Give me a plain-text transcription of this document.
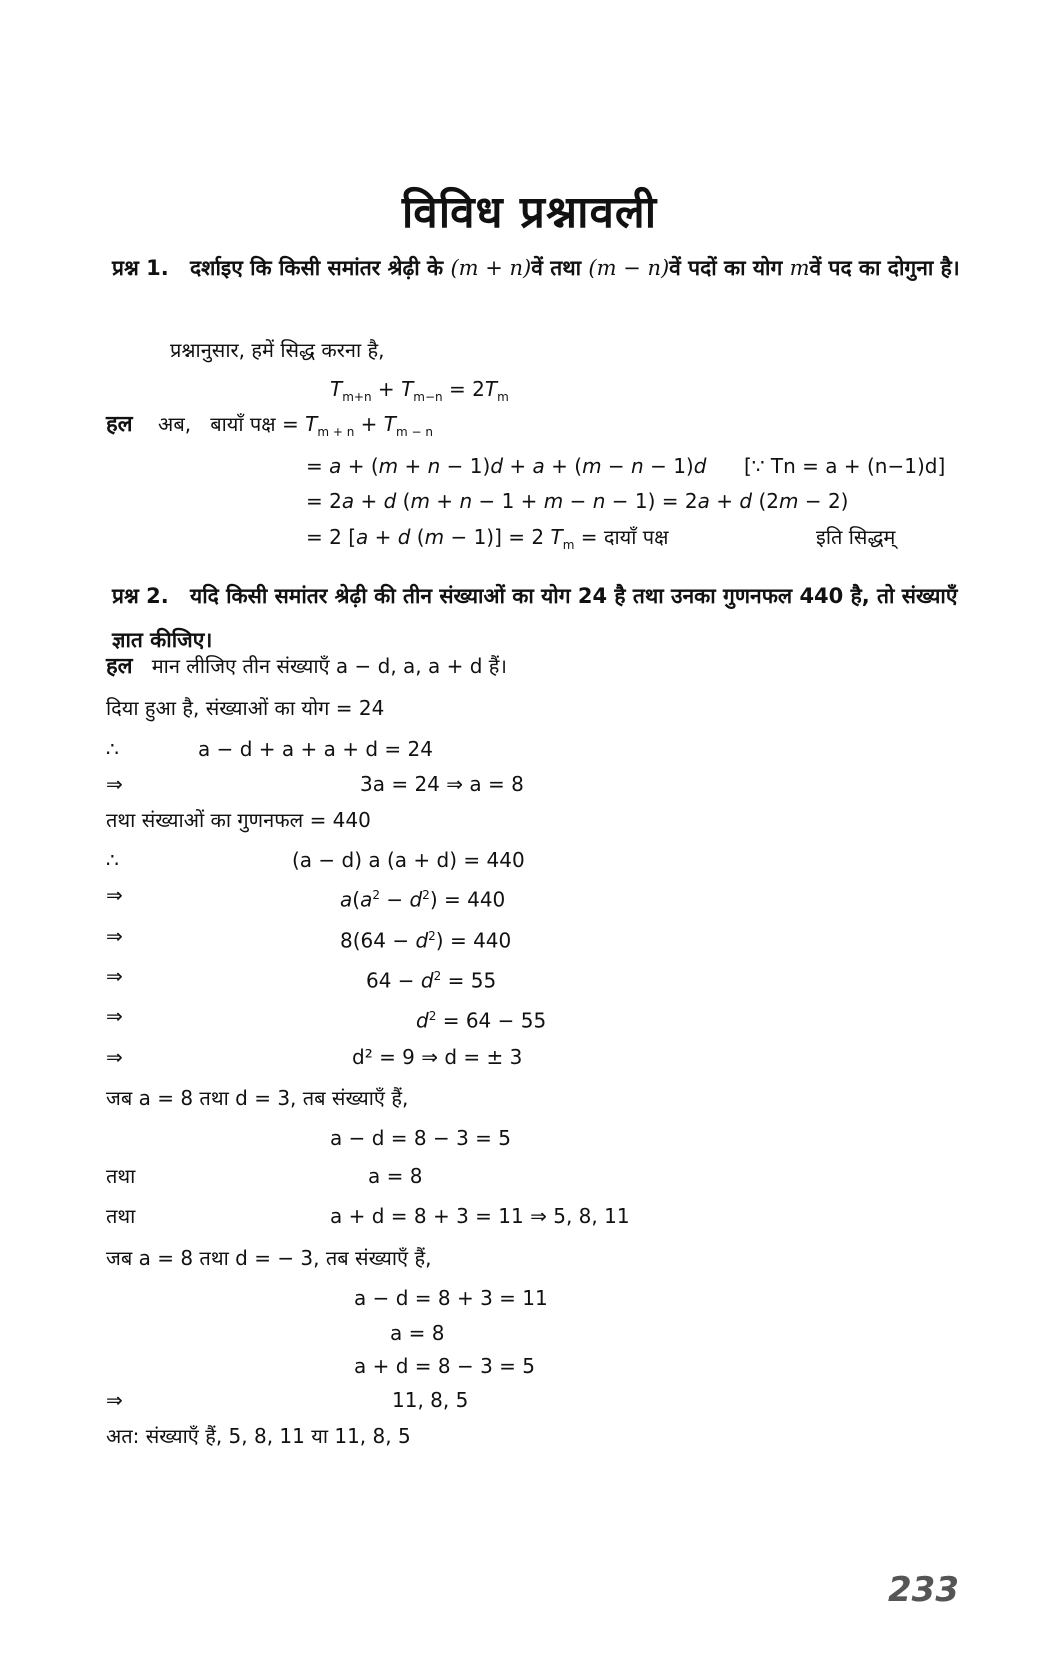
विविध प्रश्नावली
प्रश्न 1. दर्शाइए कि किसी समांतर श्रेढ़ी के (m + n)वें तथा (m − n)वें पदों का योग mवें पद का दोगुना है।
प्रश्नानुसार, हमें सिद्ध करना है,
$T_{m+n} + T_{m-n} = 2T_m$
हल अब, बायाँ पक्ष = $T_{m + n} + T_{m - n}$
= a + (m + n − 1)d + a + (m − n − 1)d [∵ Tn = a + (n−1)d]
= 2a + d (m + n − 1 + m − n − 1) = 2a + d (2m − 2)
= 2 [a + d (m − 1)] = 2 $T_m$ = दायाँ पक्ष	इति सिद्धम्
प्रश्न 2. यदि किसी समांतर श्रेढ़ी की तीन संख्याओं का योग 24 है तथा उनका गुणनफल 440 है, तो संख्याएँ ज्ञात कीजिए।
हल मान लीजिए तीन संख्याएँ a − d, a, a + d हैं।
दिया हुआ है, संख्याओं का योग = 24
∴	a − d + a + a + d = 24
⇒	3a = 24 ⇒ a = 8
तथा संख्याओं का गुणनफल = 440
∴	(a − d) a (a + d) = 440
⇒	$a(a^2 - d^2) = 440$
⇒	$8(64 - d^2) = 440$
⇒	$64 - d^2 = 55$
⇒	$d^2 = 64 - 55$
⇒	d² = 9 ⇒ d = ± 3
जब a = 8 तथा d = 3, तब संख्याएँ हैं,
a − d = 8 − 3 = 5
तथा	a = 8
तथा	a + d = 8 + 3 = 11 ⇒ 5, 8, 11
जब a = 8 तथा d = − 3, तब संख्याएँ हैं,
a − d = 8 + 3 = 11
a = 8
a + d = 8 − 3 = 5
⇒	11, 8, 5
अत: संख्याएँ हैं, 5, 8, 11 या 11, 8, 5
233
